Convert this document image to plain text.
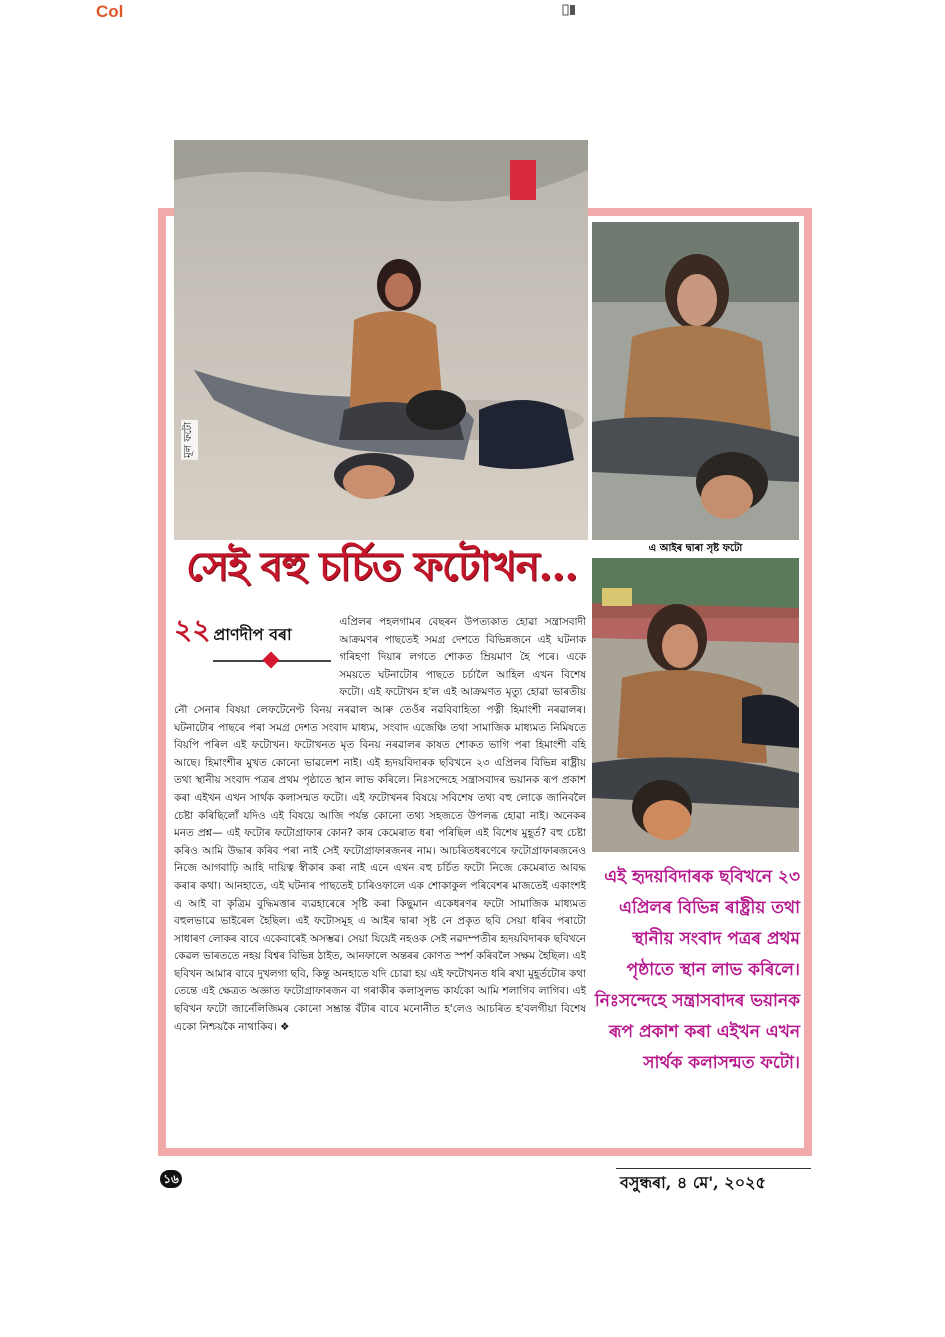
Col
মূল ফটো
এ আইৰ দ্বাৰা সৃষ্ট ফটো
সেই বহু চৰ্চিত ফটোখন...
২২ প্ৰাণদীপ বৰা
এপ্ৰিলৰ পহলগামৰ বেছৰন উপত্যকাত হোৱা সন্ত্ৰাসবাদী আক্ৰমণৰ পাছতেই সমগ্ৰ দেশতে বিভিন্নজনে এই ঘটনাক গৰিহণা দিয়াৰ লগতে শোকত ম্ৰিয়মাণ হৈ পৰে। একে সময়তে ঘটনাটোৰ পাছতে চৰ্চালৈ আহিল এখন বিশেষ ফটো। এই ফটোখন হ'ল এই আক্ৰমণত মৃত্যু হোৱা ভাৰতীয় নৌ সেনাৰ বিষয়া লেফটেনেণ্ট বিনয় নৰৱাল আৰু তেওঁৰ নৱবিবাহিতা পত্নী হিমাংশী নৰৱালৰ। ঘটনাটোৰ পাছৰে পৰা সমগ্ৰ দেশত সংবাদ মাধ্যম, সংবাদ এজেঞ্চি তথা সামাজিক মাধ্যমত নিমিষতে বিয়পি পৰিল এই ফটোখন। ফটোখনত মৃত বিনয় নৰৱালৰ কাষত শোকত ভাগি পৰা হিমাংশী বহি আছে। হিমাংশীৰ মুখত কোনো ভাৱলেশ নাই। এই হৃদয়বিদাৰক ছবিখনে ২৩ এপ্ৰিলৰ বিভিন্ন ৰাষ্ট্ৰীয় তথা স্থানীয় সংবাদ পত্ৰৰ প্ৰথম পৃষ্ঠাতে স্থান লাভ কৰিলে। নিঃসন্দেহে সন্ত্ৰাসবাদৰ ভয়ানক ৰূপ প্ৰকাশ কৰা এইখন এখন সাৰ্থক কলাসন্মত ফটো। এই ফটোখনৰ বিষয়ে সবিশেষ তথ্য বহু লোকে জানিবলৈ চেষ্টা কৰিছিলোঁ যদিও এই বিষয়ে আজি পৰ্যন্ত কোনো তথ্য সহজতে উপলব্ধ হোৱা নাই। অনেকৰ মনত প্ৰশ্ন— এই ফটোৰ ফটোগ্ৰাফাৰ কোন? কাৰ কেমেৰাত ধৰা পৰিছিল এই বিশেষ মুহূৰ্ত? বহু চেষ্টা কৰিও আমি উদ্ধাৰ কৰিব পৰা নাই সেই ফটোগ্ৰাফাৰজনৰ নাম। আচৰিতধৰণেৰে ফটোগ্ৰাফাৰজনেও নিজে আগবাঢ়ি আহি দায়িত্ব স্বীকাৰ কৰা নাই এনে এখন বহু চৰ্চিত ফটো নিজে কেমেৰাত আবদ্ধ কৰাৰ কথা। আনহাতে, এই ঘটনাৰ পাছতেই চাৰিওফালে এক শোকাকুল পৰিবেশৰ মাজতেই একাংশই এ আই বা কৃত্ৰিম বুদ্ধিমত্তাৰ ব্যৱহাৰেৰে সৃষ্টি কৰা কিছুমান একেধৰণৰ ফটো সামাজিক মাধ্যমত বহুলভাৱে ভাইৰেল হৈছিল। এই ফটোসমূহ এ আইৰ দ্বাৰা সৃষ্ট নে প্ৰকৃত ছবি সেয়া ধৰিব পৰাটো সাধাৰণ লোকৰ বাবে একেবাৰেই অসম্ভৱ। সেয়া যিয়েই নহওক সেই নৱদম্পতীৰ হৃদয়বিদাৰক ছবিখনে কেৱল ভাৰততে নহয় বিশ্বৰ বিভিন্ন ঠাইত, আনফালে অন্তৰৰ কোণত স্পৰ্শ কৰিবলৈ সক্ষম হৈছিল। এই ছবিখন আমাৰ বাবে দুখলগা ছবি, কিন্তু অনহাতে যদি চোৱা হয় এই ফটোখনত ধৰি ৰখা মুহূৰ্তটোৰ কথা তেন্তে এই ক্ষেত্ৰত অজ্ঞাত ফটোগ্ৰাফাৰজন বা গৰাকীৰ কলাসুলভ কাৰ্যকো আমি শলাগিব লাগিব। এই ছবিখন ফটো জাৰ্নেলিজিমৰ কোনো সম্ভ্ৰান্ত বঁটাৰ বাবে মনোনীত হ'লেও আচৰিত হ'বলগীয়া বিশেষ একো নিশ্চয়কৈ নাথাকিব। ❖
এই হৃদয়বিদাৰক ছবিখনে ২৩ এপ্ৰিলৰ বিভিন্ন ৰাষ্ট্ৰীয় তথা স্থানীয় সংবাদ পত্ৰৰ প্ৰথম পৃষ্ঠাতে স্থান লাভ কৰিলে। নিঃসন্দেহে সন্ত্ৰাসবাদৰ ভয়ানক ৰূপ প্ৰকাশ কৰা এইখন এখন সাৰ্থক কলাসন্মত ফটো।
১৬	বসুন্ধৰা, ৪ মে', ২০২৫
